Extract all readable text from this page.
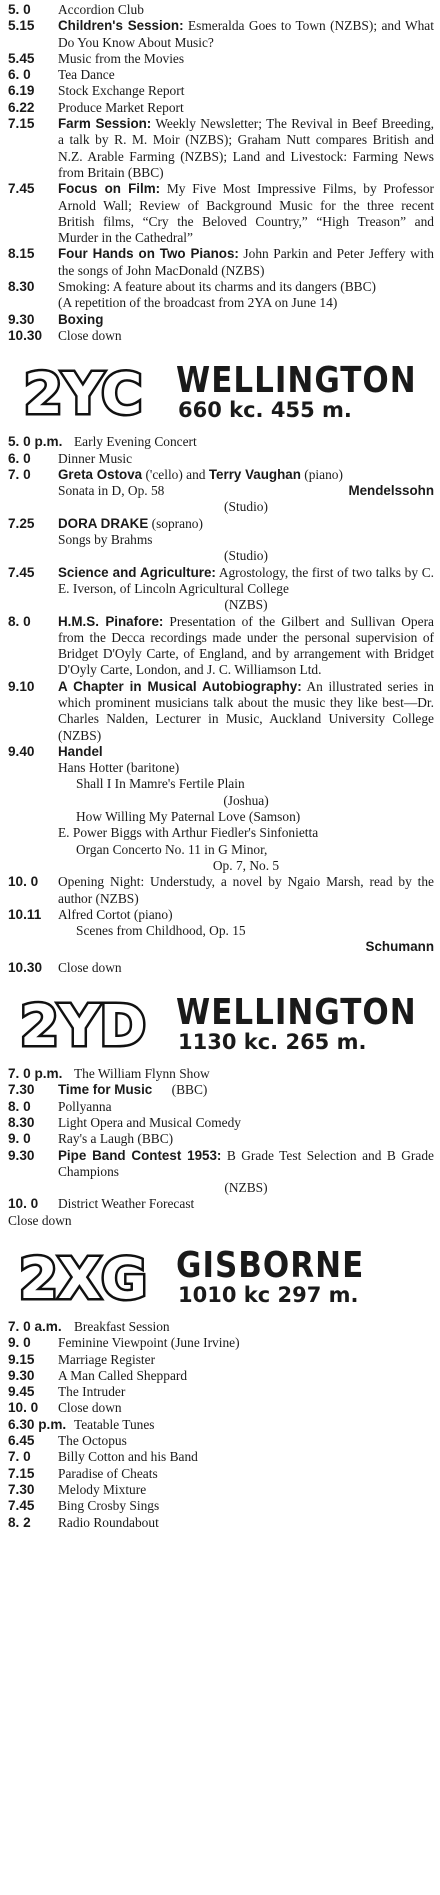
5. 0 Accordion Club
5.15 Children's Session: Esmeralda Goes to Town (NZBS); and What Do You Know About Music?
5.45 Music from the Movies
6. 0 Tea Dance
6.19 Stock Exchange Report
6.22 Produce Market Report
7.15 Farm Session: Weekly Newsletter; The Revival in Beef Breeding, a talk by R. M. Moir (NZBS); Graham Nutt compares British and N.Z. Arable Farming (NZBS); Land and Livestock: Farming News from Britain (BBC)
7.45 Focus on Film: My Five Most Impressive Films, by Professor Arnold Wall; Review of Background Music for the three recent British films, “Cry the Beloved Country,” “High Treason” and Murder in the Cathedral”
8.15 Four Hands on Two Pianos: John Parkin and Peter Jeffery with the songs of John MacDonald (NZBS)
8.30 Smoking: A feature about its charms and its dangers (BBC)
(A repetition of the broadcast from 2YA on June 14)
9.30 Boxing
10.30 Close down
2YC WELLINGTON
660 kc. 455 m.
5. 0 p.m. Early Evening Concert
6. 0 Dinner Music
7. 0 Greta Ostova ('cello) and Terry Vaughan (piano)
Sonata in D, Op. 58	Mendelssohn
(Studio)
7.25 DORA DRAKE (soprano)
Songs by Brahms
(Studio)
7.45 Science and Agriculture: Agrostology, the first of two talks by C. E. Iverson, of Lincoln Agricultural College
(NZBS)
8. 0 H.M.S. Pinafore: Presentation of the Gilbert and Sullivan Opera from the Decca recordings made under the personal supervision of Bridget D'Oyly Carte, of England, and by arrangement with Bridget D'Oyly Carte, London, and J. C. Williamson Ltd.
9.10 A Chapter in Musical Autobiography: An illustrated series in which prominent musicians talk about the music they like best—Dr. Charles Nalden, Lecturer in Music, Auckland University College (NZBS)
9.40 Handel
Hans Hotter (baritone)
Shall I In Mamre's Fertile Plain
(Joshua)
How Willing My Paternal Love (Samson)
E. Power Biggs with Arthur Fiedler's Sinfonietta
Organ Concerto No. 11 in G Minor,
Op. 7, No. 5
10. 0 Opening Night: Understudy, a novel by Ngaio Marsh, read by the author (NZBS)
10.11 Alfred Cortot (piano)
Scenes from Childhood, Op. 15
Schumann
10.30 Close down
2YD WELLINGTON
1130 kc. 265 m.
7. 0 p.m. The William Flynn Show
7.30 Time for Music (BBC)
8. 0 Pollyanna
8.30 Light Opera and Musical Comedy
9. 0 Ray's a Laugh (BBC)
9.30 Pipe Band Contest 1953: B Grade Test Selection and B Grade Champions
(NZBS)
10. 0 District Weather Forecast
Close down
2XG GISBORNE
1010 kc 297 m.
7. 0 a.m. Breakfast Session
9. 0 Feminine Viewpoint (June Irvine)
9.15 Marriage Register
9.30 A Man Called Sheppard
9.45 The Intruder
10. 0 Close down
6.30 p.m. Teatable Tunes
6.45 The Octopus
7. 0 Billy Cotton and his Band
7.15 Paradise of Cheats
7.30 Melody Mixture
7.45 Bing Crosby Sings
8. 2 Radio Roundabout
